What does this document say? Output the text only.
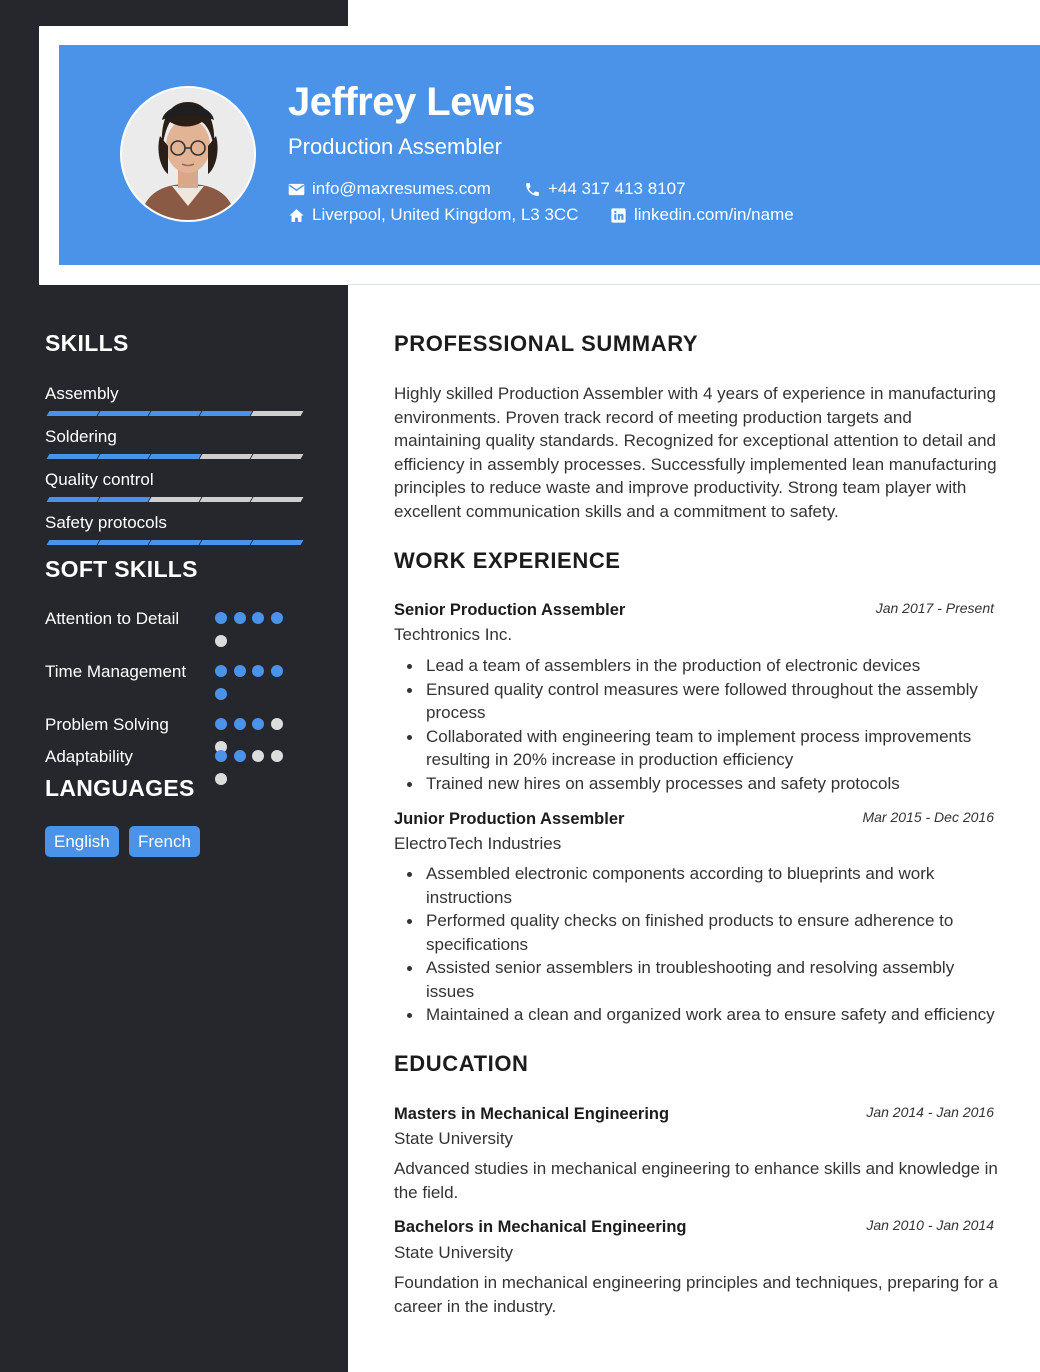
Jeffrey Lewis
Production Assembler
info@maxresumes.com	+44 317 413 8107
Liverpool, United Kingdom, L3 3CC	linkedin.com/in/name
SKILLS
Assembly
Soldering
Quality control
Safety protocols
SOFT SKILLS
Attention to Detail
Time Management
Problem Solving
Adaptability
LANGUAGES
English	French
PROFESSIONAL SUMMARY
Highly skilled Production Assembler with 4 years of experience in manufacturing environments. Proven track record of meeting production targets and maintaining quality standards. Recognized for exceptional attention to detail and efficiency in assembly processes. Successfully implemented lean manufacturing principles to reduce waste and improve productivity. Strong team player with excellent communication skills and a commitment to safety.
WORK EXPERIENCE
Senior Production Assembler	Jan 2017 - Present
Techtronics Inc.
Lead a team of assemblers in the production of electronic devices
Ensured quality control measures were followed throughout the assembly process
Collaborated with engineering team to implement process improvements resulting in 20% increase in production efficiency
Trained new hires on assembly processes and safety protocols
Junior Production Assembler	Mar 2015 - Dec 2016
ElectroTech Industries
Assembled electronic components according to blueprints and work instructions
Performed quality checks on finished products to ensure adherence to specifications
Assisted senior assemblers in troubleshooting and resolving assembly issues
Maintained a clean and organized work area to ensure safety and efficiency
EDUCATION
Masters in Mechanical Engineering	Jan 2014 - Jan 2016
State University
Advanced studies in mechanical engineering to enhance skills and knowledge in the field.
Bachelors in Mechanical Engineering	Jan 2010 - Jan 2014
State University
Foundation in mechanical engineering principles and techniques, preparing for a career in the industry.
